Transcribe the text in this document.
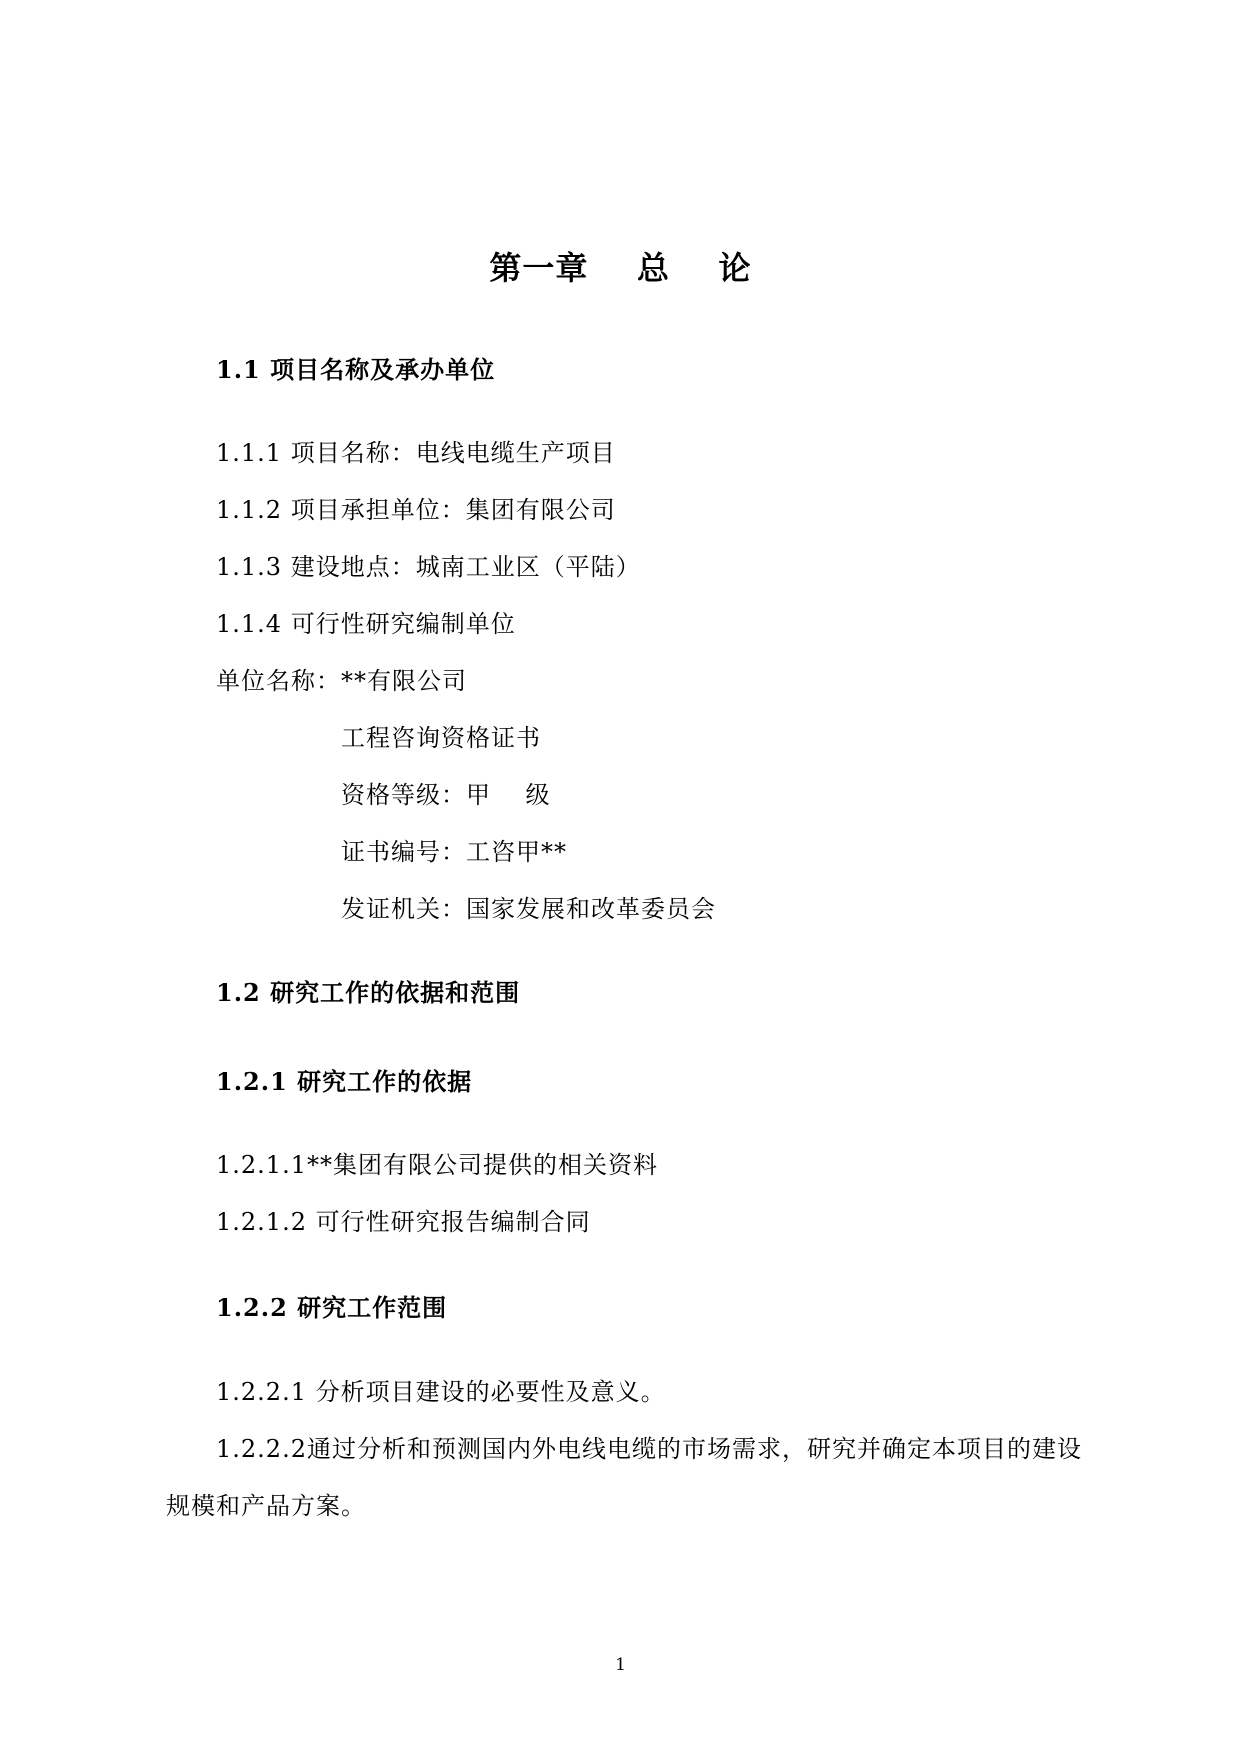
第一章    总    论
1.1 项目名称及承办单位
1.1.1 项目名称：电线电缆生产项目
1.1.2 项目承担单位：集团有限公司
1.1.3 建设地点：城南工业区（平陆）
1.1.4 可行性研究编制单位
单位名称：**有限公司
工程咨询资格证书
资格等级：甲    级
证书编号：工咨甲**
发证机关：国家发展和改革委员会
1.2 研究工作的依据和范围
1.2.1 研究工作的依据
1.2.1.1**集团有限公司提供的相关资料
1.2.1.2 可行性研究报告编制合同
1.2.2 研究工作范围
1.2.2.1 分析项目建设的必要性及意义。
1.2.2.2通过分析和预测国内外电线电缆的市场需求，研究并确定本项目的建设
规模和产品方案。
1
